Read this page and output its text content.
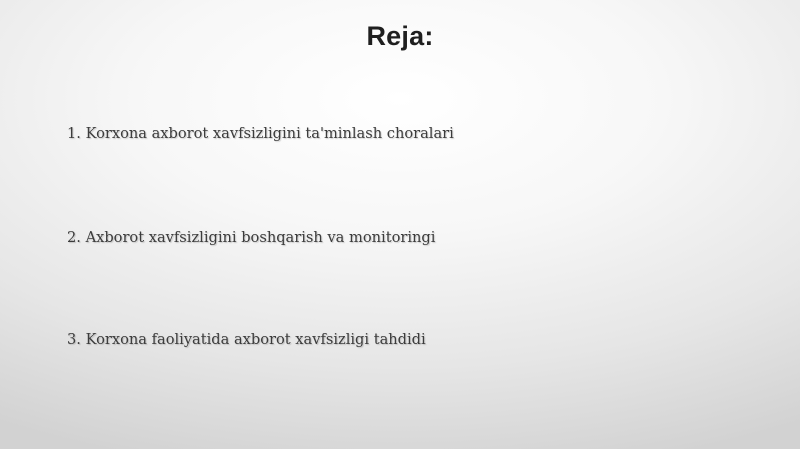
Reja:

1. Korxona axborot xavfsizligini ta'minlash choralari

2. Axborot xavfsizligini boshqarish va monitoringi

3. Korxona faoliyatida axborot xavfsizligi tahdidi
